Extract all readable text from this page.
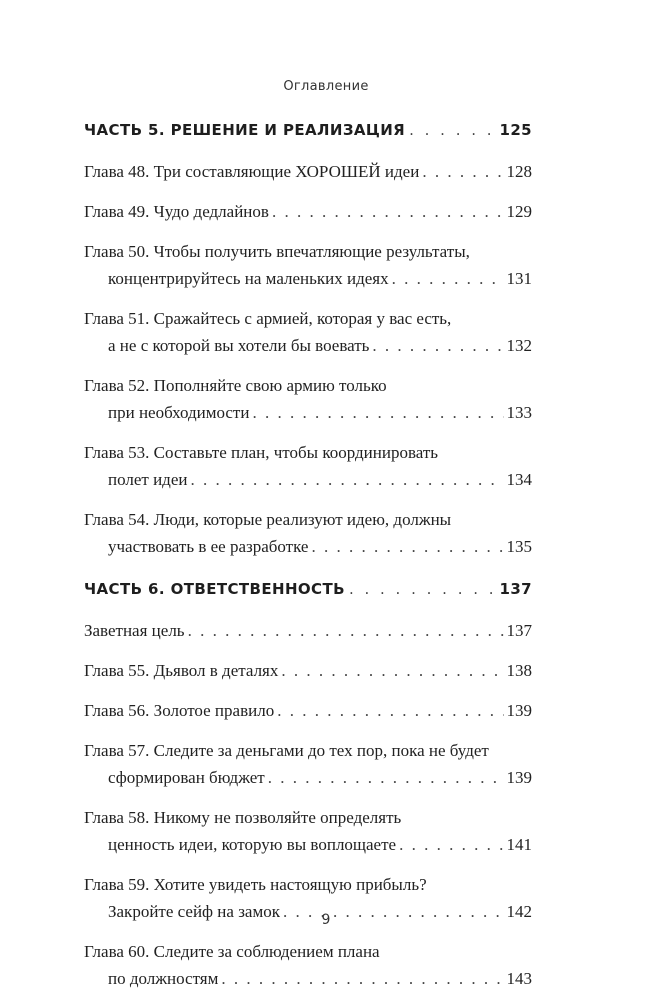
Оглавление
ЧАСТЬ 5. РЕШЕНИЕ И РЕАЛИЗАЦИЯ . . .	125
Глава 48. Три составляющие ХОРОШЕЙ идеи . . .	128
Глава 49. Чудо дедлайнов . . .	129
Глава 50. Чтобы получить впечатляющие результаты,
концентрируйтесь на маленьких идеях . . .	131
Глава 51. Сражайтесь с армией, которая у вас есть,
а не с которой вы хотели бы воевать . . .	132
Глава 52. Пополняйте свою армию только
при необходимости . . .	133
Глава 53. Составьте план, чтобы координировать
полет идеи . . .	134
Глава 54. Люди, которые реализуют идею, должны
участвовать в ее разработке . . .	135
ЧАСТЬ 6. ОТВЕТСТВЕННОСТЬ . . .	137
Заветная цель . . .	137
Глава 55. Дьявол в деталях . . .	138
Глава 56. Золотое правило . . .	139
Глава 57. Следите за деньгами до тех пор, пока не будет
сформирован бюджет . . .	139
Глава 58. Никому не позволяйте определять
ценность идеи, которую вы воплощаете . . .	141
Глава 59. Хотите увидеть настоящую прибыль?
Закройте сейф на замок . . .	142
Глава 60. Следите за соблюдением плана
по должностям . . .	143
9
